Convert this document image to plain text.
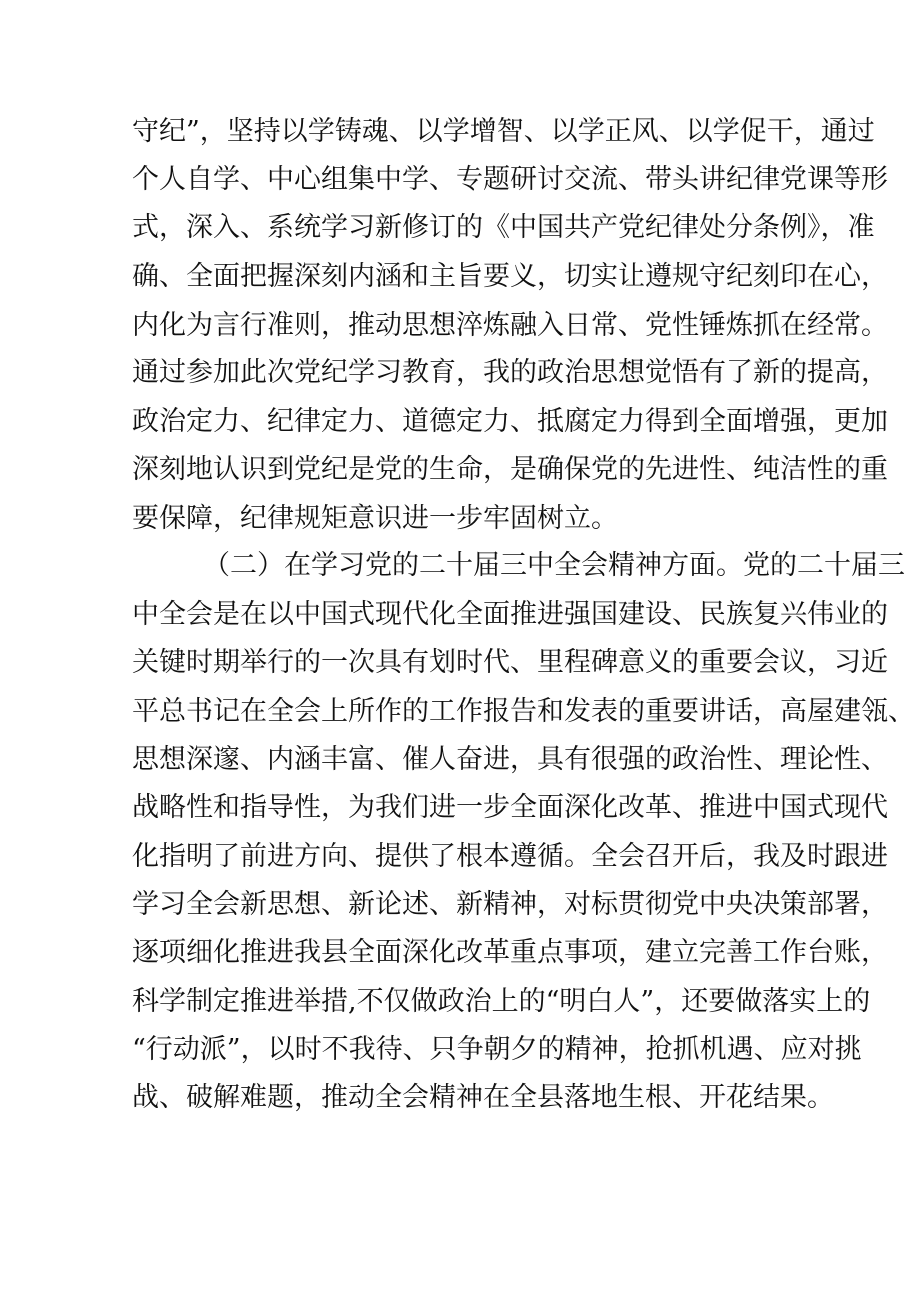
守纪”，坚持以学铸魂、以学增智、以学正风、以学促干，通过
个人自学、中心组集中学、专题研讨交流、带头讲纪律党课等形
式，深入、系统学习新修订的《中国共产党纪律处分条例》，准
确、全面把握深刻内涵和主旨要义，切实让遵规守纪刻印在心，
内化为言行准则，推动思想淬炼融入日常、党性锤炼抓在经常。
通过参加此次党纪学习教育，我的政治思想觉悟有了新的提高，
政治定力、纪律定力、道德定力、抵腐定力得到全面增强，更加
深刻地认识到党纪是党的生命，是确保党的先进性、纯洁性的重
要保障，纪律规矩意识进一步牢固树立。
（二）在学习党的二十届三中全会精神方面。党的二十届三
中全会是在以中国式现代化全面推进强国建设、民族复兴伟业的
关键时期举行的一次具有划时代、里程碑意义的重要会议，习近
平总书记在全会上所作的工作报告和发表的重要讲话，高屋建瓴、
思想深邃、内涵丰富、催人奋进，具有很强的政治性、理论性、
战略性和指导性，为我们进一步全面深化改革、推进中国式现代
化指明了前进方向、提供了根本遵循。全会召开后，我及时跟进
学习全会新思想、新论述、新精神，对标贯彻党中央决策部署，
逐项细化推进我县全面深化改革重点事项，建立完善工作台账，
科学制定推进举措,不仅做政治上的“明白人”，还要做落实上的
“行动派”，以时不我待、只争朝夕的精神，抢抓机遇、应对挑
战、破解难题，推动全会精神在全县落地生根、开花结果。
